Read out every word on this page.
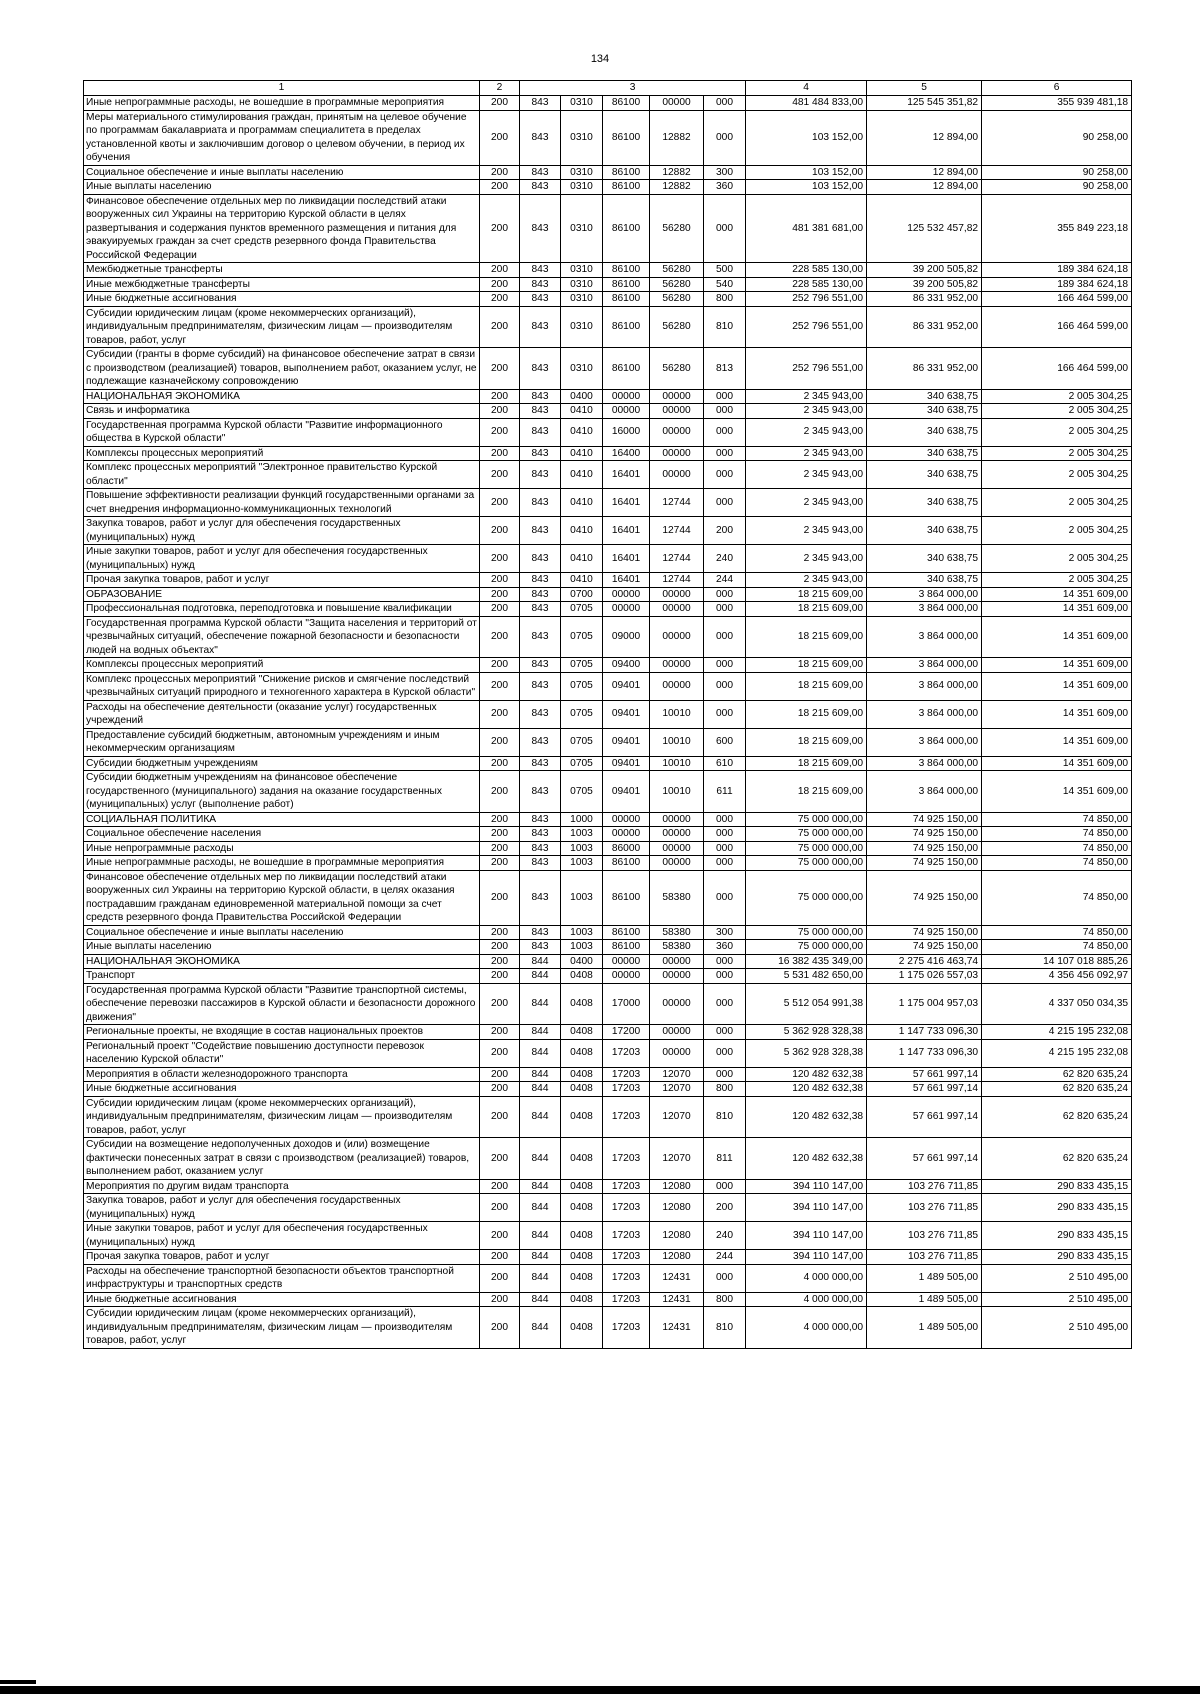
134
1	2	3					4	5	6
Иные непрограммные расходы, не вошедшие в программные мероприятия	200	843	0310	86100	00000	000	481 484 833,00	125 545 351,82	355 939 481,18
Меры материального стимулирования граждан, принятым на целевое обучение по программам бакалавриата и программам специалитета в пределах установленной квоты и заключившим договор о целевом обучении, в период их обучения	200	843	0310	86100	12882	000	103 152,00	12 894,00	90 258,00
Социальное обеспечение и иные выплаты населению	200	843	0310	86100	12882	300	103 152,00	12 894,00	90 258,00
Иные выплаты населению	200	843	0310	86100	12882	360	103 152,00	12 894,00	90 258,00
Финансовое обеспечение отдельных мер по ликвидации последствий атаки вооруженных сил Украины на территорию Курской области в целях развертывания и содержания пунктов временного размещения и питания для эвакуируемых граждан за счет средств резервного фонда Правительства Российской Федерации	200	843	0310	86100	56280	000	481 381 681,00	125 532 457,82	355 849 223,18
Межбюджетные трансферты	200	843	0310	86100	56280	500	228 585 130,00	39 200 505,82	189 384 624,18
Иные межбюджетные трансферты	200	843	0310	86100	56280	540	228 585 130,00	39 200 505,82	189 384 624,18
Иные бюджетные ассигнования	200	843	0310	86100	56280	800	252 796 551,00	86 331 952,00	166 464 599,00
Субсидии юридическим лицам (кроме некоммерческих организаций), индивидуальным предпринимателям, физическим лицам — производителям товаров, работ, услуг	200	843	0310	86100	56280	810	252 796 551,00	86 331 952,00	166 464 599,00
Субсидии (гранты в форме субсидий) на финансовое обеспечение затрат в связи с производством (реализацией) товаров, выполнением работ, оказанием услуг, не подлежащие казначейскому сопровождению	200	843	0310	86100	56280	813	252 796 551,00	86 331 952,00	166 464 599,00
НАЦИОНАЛЬНАЯ ЭКОНОМИКА	200	843	0400	00000	00000	000	2 345 943,00	340 638,75	2 005 304,25
Связь и информатика	200	843	0410	00000	00000	000	2 345 943,00	340 638,75	2 005 304,25
Государственная программа Курской области "Развитие информационного общества в Курской области"	200	843	0410	16000	00000	000	2 345 943,00	340 638,75	2 005 304,25
Комплексы процессных мероприятий	200	843	0410	16400	00000	000	2 345 943,00	340 638,75	2 005 304,25
Комплекс процессных мероприятий "Электронное правительство Курской области"	200	843	0410	16401	00000	000	2 345 943,00	340 638,75	2 005 304,25
Повышение эффективности реализации функций государственными органами за счет внедрения информационно-коммуникационных технологий	200	843	0410	16401	12744	000	2 345 943,00	340 638,75	2 005 304,25
Закупка товаров, работ и услуг для обеспечения государственных (муниципальных) нужд	200	843	0410	16401	12744	200	2 345 943,00	340 638,75	2 005 304,25
Иные закупки товаров, работ и услуг для обеспечения государственных (муниципальных) нужд	200	843	0410	16401	12744	240	2 345 943,00	340 638,75	2 005 304,25
Прочая закупка товаров, работ и услуг	200	843	0410	16401	12744	244	2 345 943,00	340 638,75	2 005 304,25
ОБРАЗОВАНИЕ	200	843	0700	00000	00000	000	18 215 609,00	3 864 000,00	14 351 609,00
Профессиональная подготовка, переподготовка и повышение квалификации	200	843	0705	00000	00000	000	18 215 609,00	3 864 000,00	14 351 609,00
Государственная программа Курской области "Защита населения и территорий от чрезвычайных ситуаций, обеспечение пожарной безопасности и безопасности людей на водных объектах"	200	843	0705	09000	00000	000	18 215 609,00	3 864 000,00	14 351 609,00
Комплексы процессных мероприятий	200	843	0705	09400	00000	000	18 215 609,00	3 864 000,00	14 351 609,00
Комплекс процессных мероприятий "Снижение рисков и смягчение последствий чрезвычайных ситуаций природного и техногенного характера в Курской области"	200	843	0705	09401	00000	000	18 215 609,00	3 864 000,00	14 351 609,00
Расходы на обеспечение деятельности (оказание услуг) государственных учреждений	200	843	0705	09401	10010	000	18 215 609,00	3 864 000,00	14 351 609,00
Предоставление субсидий бюджетным, автономным учреждениям и иным некоммерческим организациям	200	843	0705	09401	10010	600	18 215 609,00	3 864 000,00	14 351 609,00
Субсидии бюджетным учреждениям	200	843	0705	09401	10010	610	18 215 609,00	3 864 000,00	14 351 609,00
Субсидии бюджетным учреждениям на финансовое обеспечение государственного (муниципального) задания на оказание государственных (муниципальных) услуг (выполнение работ)	200	843	0705	09401	10010	611	18 215 609,00	3 864 000,00	14 351 609,00
СОЦИАЛЬНАЯ ПОЛИТИКА	200	843	1000	00000	00000	000	75 000 000,00	74 925 150,00	74 850,00
Социальное обеспечение населения	200	843	1003	00000	00000	000	75 000 000,00	74 925 150,00	74 850,00
Иные непрограммные расходы	200	843	1003	86000	00000	000	75 000 000,00	74 925 150,00	74 850,00
Иные непрограммные расходы, не вошедшие в программные мероприятия	200	843	1003	86100	00000	000	75 000 000,00	74 925 150,00	74 850,00
Финансовое обеспечение отдельных мер по ликвидации последствий атаки вооруженных сил Украины на территорию Курской области, в целях оказания пострадавшим гражданам единовременной материальной помощи за счет средств резервного фонда Правительства Российской Федерации	200	843	1003	86100	58380	000	75 000 000,00	74 925 150,00	74 850,00
Социальное обеспечение и иные выплаты населению	200	843	1003	86100	58380	300	75 000 000,00	74 925 150,00	74 850,00
Иные выплаты населению	200	843	1003	86100	58380	360	75 000 000,00	74 925 150,00	74 850,00
НАЦИОНАЛЬНАЯ ЭКОНОМИКА	200	844	0400	00000	00000	000	16 382 435 349,00	2 275 416 463,74	14 107 018 885,26
Транспорт	200	844	0408	00000	00000	000	5 531 482 650,00	1 175 026 557,03	4 356 456 092,97
Государственная программа Курской области "Развитие транспортной системы, обеспечение перевозки пассажиров в Курской области и безопасности дорожного движения"	200	844	0408	17000	00000	000	5 512 054 991,38	1 175 004 957,03	4 337 050 034,35
Региональные проекты, не входящие в состав национальных проектов	200	844	0408	17200	00000	000	5 362 928 328,38	1 147 733 096,30	4 215 195 232,08
Региональный проект "Содействие повышению доступности перевозок населению Курской области"	200	844	0408	17203	00000	000	5 362 928 328,38	1 147 733 096,30	4 215 195 232,08
Мероприятия в области железнодорожного транспорта	200	844	0408	17203	12070	000	120 482 632,38	57 661 997,14	62 820 635,24
Иные бюджетные ассигнования	200	844	0408	17203	12070	800	120 482 632,38	57 661 997,14	62 820 635,24
Субсидии юридическим лицам (кроме некоммерческих организаций), индивидуальным предпринимателям, физическим лицам — производителям товаров, работ, услуг	200	844	0408	17203	12070	810	120 482 632,38	57 661 997,14	62 820 635,24
Субсидии на возмещение недополученных доходов и (или) возмещение фактически понесенных затрат в связи с производством (реализацией) товаров, выполнением работ, оказанием услуг	200	844	0408	17203	12070	811	120 482 632,38	57 661 997,14	62 820 635,24
Мероприятия по другим видам транспорта	200	844	0408	17203	12080	000	394 110 147,00	103 276 711,85	290 833 435,15
Закупка товаров, работ и услуг для обеспечения государственных (муниципальных) нужд	200	844	0408	17203	12080	200	394 110 147,00	103 276 711,85	290 833 435,15
Иные закупки товаров, работ и услуг для обеспечения государственных (муниципальных) нужд	200	844	0408	17203	12080	240	394 110 147,00	103 276 711,85	290 833 435,15
Прочая закупка товаров, работ и услуг	200	844	0408	17203	12080	244	394 110 147,00	103 276 711,85	290 833 435,15
Расходы на обеспечение транспортной безопасности объектов транспортной инфраструктуры и транспортных средств	200	844	0408	17203	12431	000	4 000 000,00	1 489 505,00	2 510 495,00
Иные бюджетные ассигнования	200	844	0408	17203	12431	800	4 000 000,00	1 489 505,00	2 510 495,00
Субсидии юридическим лицам (кроме некоммерческих организаций), индивидуальным предпринимателям, физическим лицам — производителям товаров, работ, услуг	200	844	0408	17203	12431	810	4 000 000,00	1 489 505,00	2 510 495,00
